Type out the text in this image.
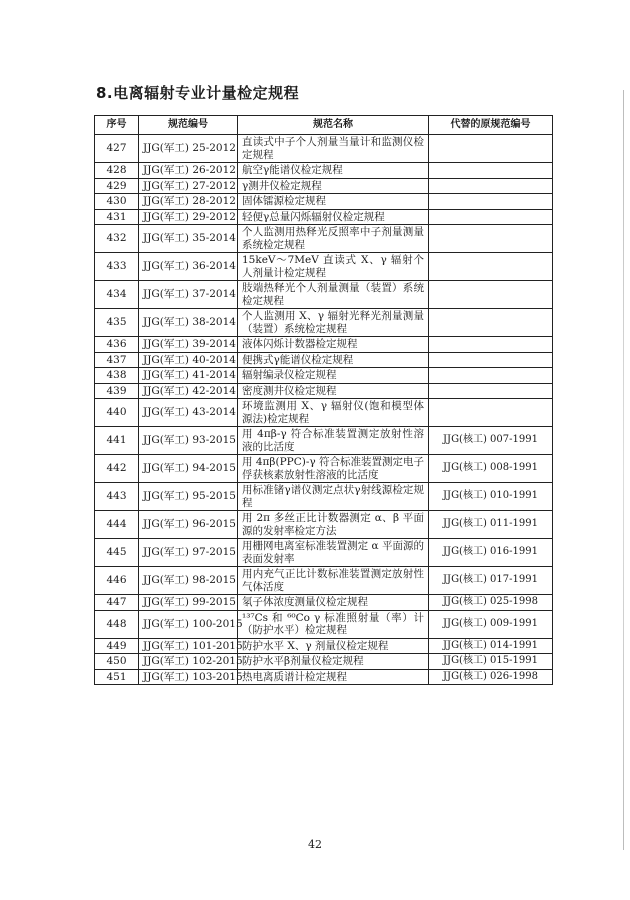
8.电离辐射专业计量检定规程
序号	规范编号	规范名称	代替的原规范编号
427	JJG(军工) 25-2012	直读式中子个人剂量当量计和监测仪检定规程	
428	JJG(军工) 26-2012	航空γ能谱仪检定规程	
429	JJG(军工) 27-2012	γ测井仪检定规程	
430	JJG(军工) 28-2012	固体镭源检定规程	
431	JJG(军工) 29-2012	轻便γ总量闪烁辐射仪检定规程	
432	JJG(军工) 35-2014	个人监测用热释光反照率中子剂量测量系统检定规程	
433	JJG(军工) 36-2014	15keV～7MeV 直读式 X、γ 辐射个人剂量计检定规程	
434	JJG(军工) 37-2014	肢端热释光个人剂量测量（装置）系统检定规程	
435	JJG(军工) 38-2014	个人监测用 X、γ 辐射光释光剂量测量（装置）系统检定规程	
436	JJG(军工) 39-2014	液体闪烁计数器检定规程	
437	JJG(军工) 40-2014	便携式γ能谱仪检定规程	
438	JJG(军工) 41-2014	辐射编录仪检定规程	
439	JJG(军工) 42-2014	密度测井仪检定规程	
440	JJG(军工) 43-2014	环境监测用 X、γ 辐射仪(饱和模型体源法)检定规程	
441	JJG(军工) 93-2015	用 4πβ-γ 符合标准装置测定放射性溶液的比活度	JJG(核工) 007-1991
442	JJG(军工) 94-2015	用 4πβ(PPC)-γ 符合标准装置测定电子俘获核素放射性溶液的比活度	JJG(核工) 008-1991
443	JJG(军工) 95-2015	用标准锗γ谱仪测定点状γ射线源检定规程	JJG(核工) 010-1991
444	JJG(军工) 96-2015	用 2π 多丝正比计数器测定 α、β 平面源的发射率检定方法	JJG(核工) 011-1991
445	JJG(军工) 97-2015	用栅网电离室标准装置测定 α 平面源的表面发射率	JJG(核工) 016-1991
446	JJG(军工) 98-2015	用内充气正比计数标准装置测定放射性气体活度	JJG(核工) 017-1991
447	JJG(军工) 99-2015	氡子体浓度测量仪检定规程	JJG(核工) 025-1998
448	JJG(军工) 100-2015	¹³⁷Cs 和 ⁶⁰Co γ 标准照射量（率）计（防护水平）检定规程	JJG(核工) 009-1991
449	JJG(军工) 101-2015	防护水平 X、γ 剂量仪检定规程	JJG(核工) 014-1991
450	JJG(军工) 102-2015	防护水平β剂量仪检定规程	JJG(核工) 015-1991
451	JJG(军工) 103-2015	热电离质谱计检定规程	JJG(核工) 026-1998
42
